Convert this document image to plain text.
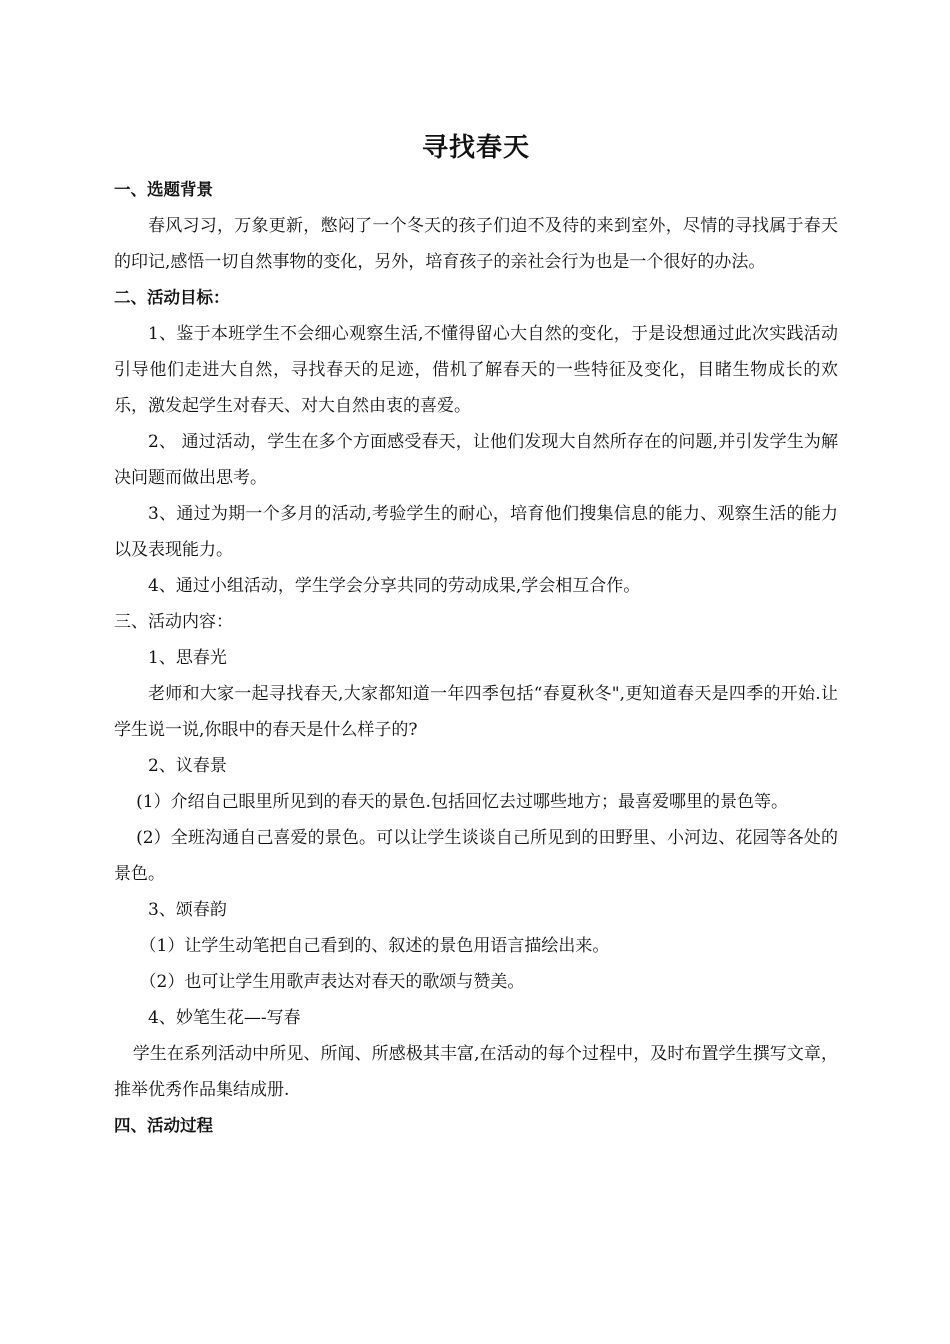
寻找春天
一、选题背景

春风习习，万象更新，憋闷了一个冬天的孩子们迫不及待的来到室外，尽情的寻找属于春天的印记,感悟一切自然事物的变化，另外，培育孩子的亲社会行为也是一个很好的办法。

二、活动目标：

1、鉴于本班学生不会细心观察生活,不懂得留心大自然的变化，于是设想通过此次实践活动引导他们走进大自然，寻找春天的足迹，借机了解春天的一些特征及变化，目睹生物成长的欢乐，激发起学生对春天、对大自然由衷的喜爱。

2、 通过活动，学生在多个方面感受春天，让他们发现大自然所存在的问题,并引发学生为解决问题而做出思考。

3、通过为期一个多月的活动,考验学生的耐心，培育他们搜集信息的能力、观察生活的能力以及表现能力。

4、通过小组活动，学生学会分享共同的劳动成果,学会相互合作。

三、活动内容：
1、思春光

老师和大家一起寻找春天,大家都知道一年四季包括“春夏秋冬",更知道春天是四季的开始.让学生说一说,你眼中的春天是什么样子的?

2、议春景

(1）介绍自己眼里所见到的春天的景色.包括回忆去过哪些地方；最喜爱哪里的景色等。

(2）全班沟通自己喜爱的景色。可以让学生谈谈自己所见到的田野里、小河边、花园等各处的景色。

3、颂春韵
（1）让学生动笔把自己看到的、叙述的景色用语言描绘出来。
（2）也可让学生用歌声表达对春天的歌颂与赞美。
4、妙笔生花—-写春

学生在系列活动中所见、所闻、所感极其丰富,在活动的每个过程中，及时布置学生撰写文章，推举优秀作品集结成册.

四、活动过程
